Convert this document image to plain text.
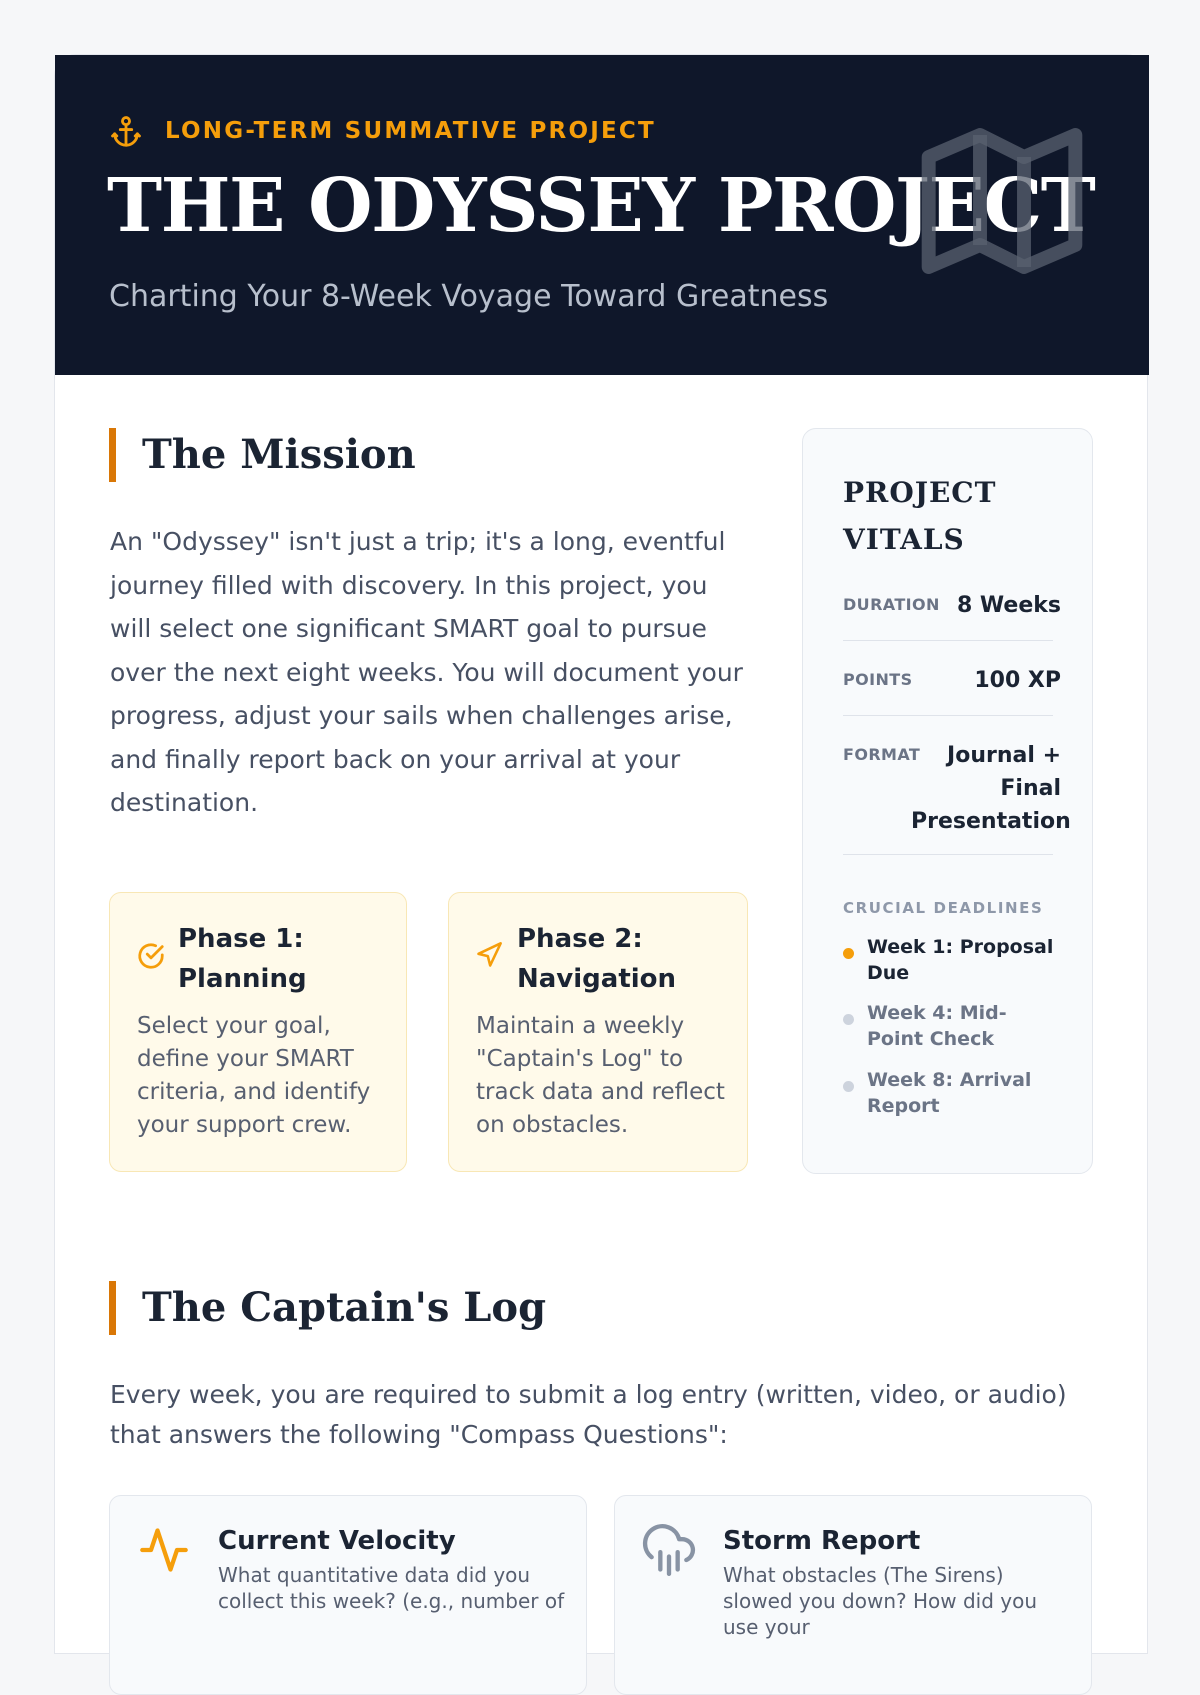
LONG-TERM SUMMATIVE PROJECT
THE ODYSSEY PROJECT
Charting Your 8-Week Voyage Toward Greatness
The Mission
An "Odyssey" isn't just a trip; it's a long, eventful journey filled with discovery. In this project, you will select one significant SMART goal to pursue over the next eight weeks. You will document your progress, adjust your sails when challenges arise, and finally report back on your arrival at your destination.
Phase 1: Planning
Select your goal, define your SMART criteria, and identify your support crew.
Phase 2: Navigation
Maintain a weekly "Captain's Log" to track data and reflect on obstacles.
PROJECT VITALS
DURATION 8 Weeks
POINTS	100 XP
FORMAT	Journal + Final Presentation
CRUCIAL DEADLINES
Week 1: Proposal Due
Week 4: Mid-Point Check
Week 8: Arrival Report
The Captain's Log
Every week, you are required to submit a log entry (written, video, or audio) that answers the following "Compass Questions":
Current Velocity
What quantitative data did you collect this week? (e.g., number of
Storm Report
What obstacles (The Sirens) slowed you down? How did you use your
